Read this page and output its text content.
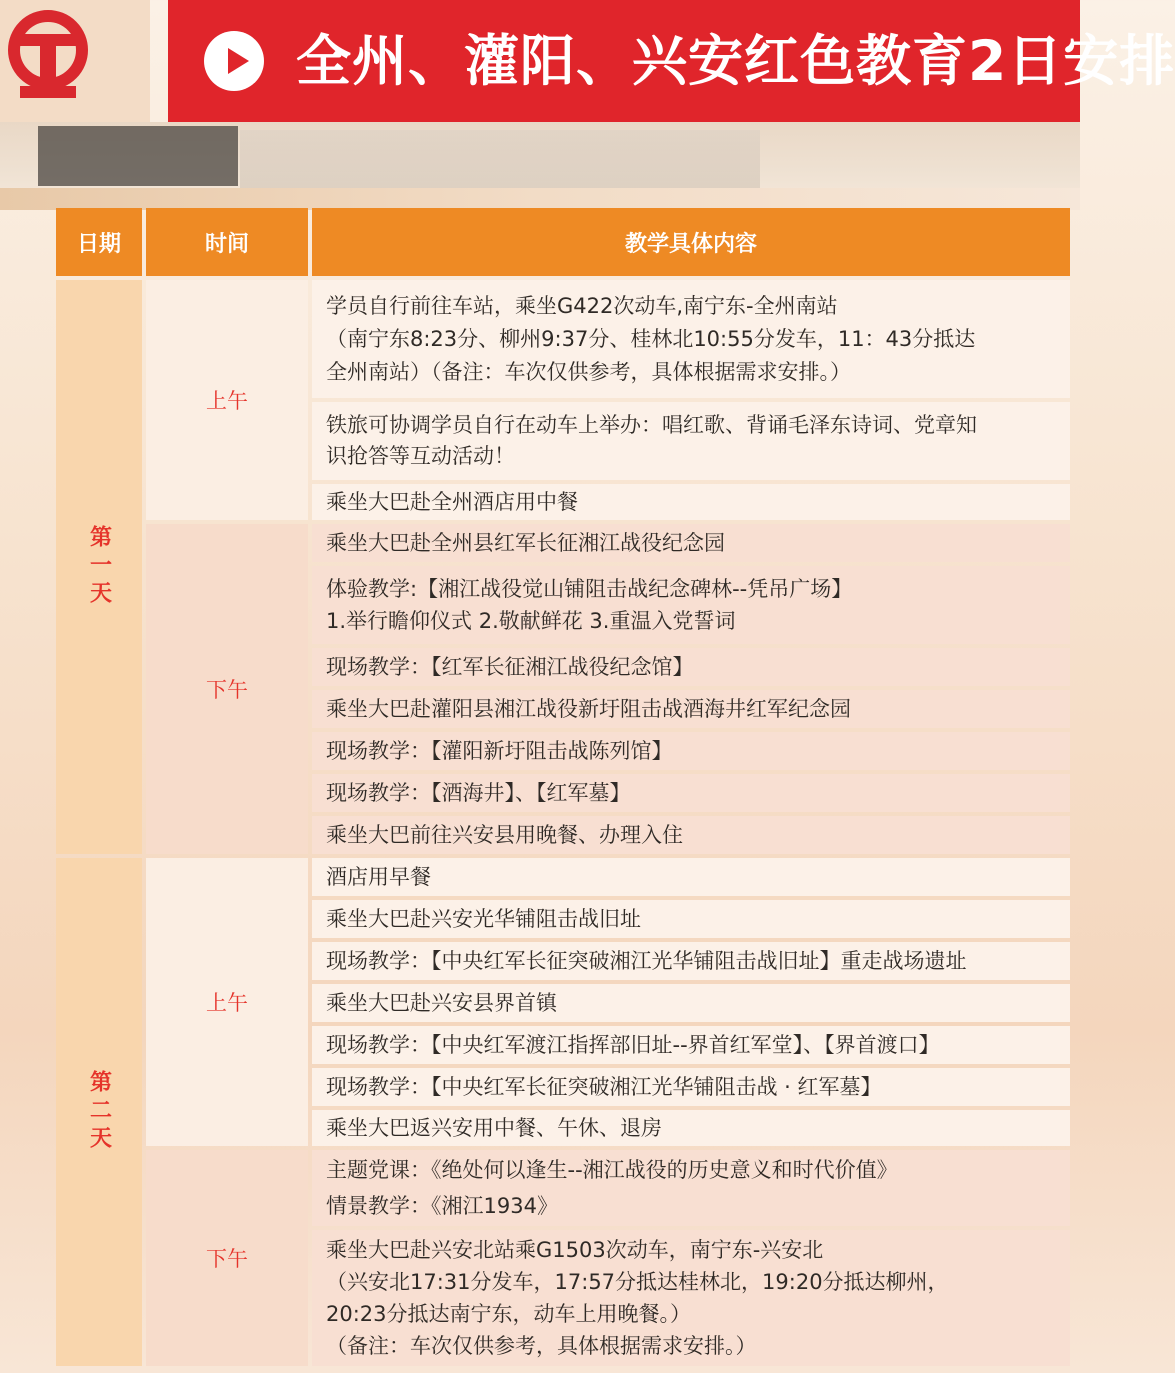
全州、灌阳、兴安红色教育2日安排
日期	时间	教学具体内容
第一天
第二天
上午
下午
上午
下午
学员自行前往车站，乘坐G422次动车,南宁东-全州南站
（南宁东8:23分、柳州9:37分、桂林北10:55分发车，11：43分抵达
全州南站）（备注：车次仅供参考，具体根据需求安排。）
铁旅可协调学员自行在动车上举办：唱红歌、背诵毛泽东诗词、党章知
识抢答等互动活动！
乘坐大巴赴全州酒店用中餐
乘坐大巴赴全州县红军长征湘江战役纪念园
体验教学:【湘江战役觉山铺阻击战纪念碑林--凭吊广场】
1.举行瞻仰仪式 2.敬献鲜花 3.重温入党誓词
现场教学：【红军长征湘江战役纪念馆】
乘坐大巴赴灌阳县湘江战役新圩阻击战酒海井红军纪念园
现场教学：【灌阳新圩阻击战陈列馆】
现场教学：【酒海井】、【红军墓】
乘坐大巴前往兴安县用晚餐、办理入住
酒店用早餐
乘坐大巴赴兴安光华铺阻击战旧址
现场教学：【中央红军长征突破湘江光华铺阻击战旧址】重走战场遗址
乘坐大巴赴兴安县界首镇
现场教学：【中央红军渡江指挥部旧址--界首红军堂】、【界首渡口】
现场教学：【中央红军长征突破湘江光华铺阻击战 · 红军墓】
乘坐大巴返兴安用中餐、午休、退房
主题党课：《绝处何以逢生--湘江战役的历史意义和时代价值》
情景教学：《湘江1934》
乘坐大巴赴兴安北站乘G1503次动车，南宁东-兴安北
（兴安北17:31分发车，17:57分抵达桂林北，19:20分抵达柳州，
20:23分抵达南宁东，动车上用晚餐。）
（备注：车次仅供参考，具体根据需求安排。）
